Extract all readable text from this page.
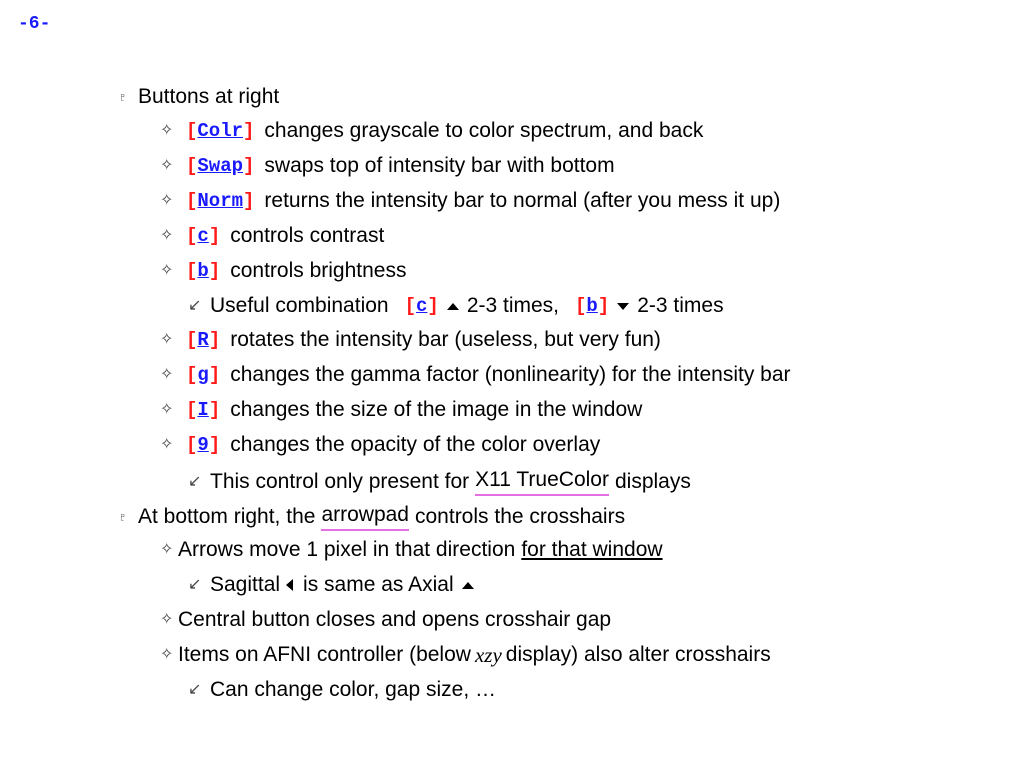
-6-
♇ Buttons at right
✧ [Colr] changes grayscale to color spectrum, and back
✧ [Swap] swaps top of intensity bar with bottom
✧ [Norm] returns the intensity bar to normal (after you mess it up)
✧ [c] controls contrast
✧ [b] controls brightness
↙ Useful combination [c] 2-3 times, [b] 2-3 times
✧ [R] rotates the intensity bar (useless, but very fun)
✧ [g] changes the gamma factor (nonlinearity) for the intensity bar
✧ [I] changes the size of the image in the window
✧ [9] changes the opacity of the color overlay
↙ This control only present for X11 TrueColor displays
♇ At bottom right, the arrowpad controls the crosshairs
✧ Arrows move 1 pixel in that direction for that window
↙ Sagittal is same as Axial
✧ Central button closes and opens crosshair gap
✧ Items on AFNI controller (below xzy display) also alter crosshairs
↙ Can change color, gap size, …
